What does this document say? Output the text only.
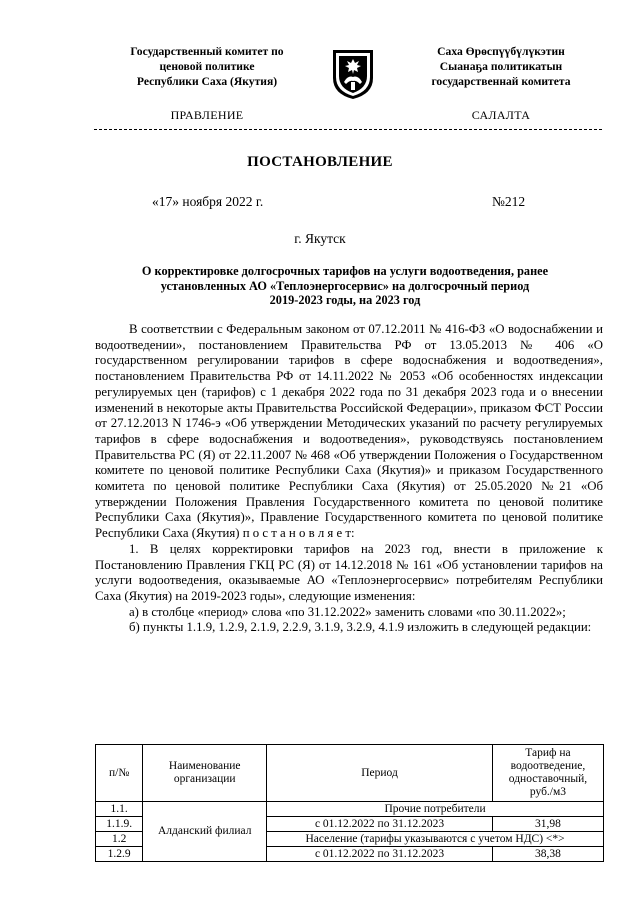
Государственный комитет по
ценовой политике
Республики Саха (Якутия)
Саха Өрөспүүбүлүкэтин
Сыанаҕа политикатын
государственнай комитета
ПРАВЛЕНИЕ	САЛАЛТА
ПОСТАНОВЛЕНИЕ
«17» ноября 2022 г.	№212
г. Якутск
О корректировке долгосрочных тарифов на услуги водоотведения, ранее
установленных АО «Теплоэнергосервис» на долгосрочный период
2019-2023 годы, на 2023 год

В соответствии с Федеральным законом от 07.12.2011 № 416-ФЗ «О водоснабжении и водоотведении», постановлением Правительства РФ от 13.05.2013 № 406 «О государственном регулировании тарифов в сфере водоснабжения и водоотведения», постановлением Правительства РФ от 14.11.2022 № 2053 «Об особенностях индексации регулируемых цен (тарифов) с 1 декабря 2022 года по 31 декабря 2023 года и о внесении изменений в некоторые акты Правительства Российской Федерации», приказом ФСТ России от 27.12.2013 N 1746-э «Об утверждении Методических указаний по расчету регулируемых тарифов в сфере водоснабжения и водоотведения», руководствуясь постановлением Правительства РС (Я) от 22.11.2007 № 468 «Об утверждении Положения о Государственном комитете по ценовой политике Республики Саха (Якутия)» и приказом Государственного комитета по ценовой политике Республики Саха (Якутия) от 25.05.2020 №21 «Об утверждении Положения Правления Государственного комитета по ценовой политике Республики Саха (Якутия)», Правление Государственного комитета по ценовой политике Республики Саха (Якутия) п о с т а н о в л я е т:

1. В целях корректировки тарифов на 2023 год, внести в приложение к Постановлению Правления ГКЦ РС (Я) от 14.12.2018 № 161 «Об установлении тарифов на услуги водоотведения, оказываемые АО «Теплоэнергосервис» потребителям Республики Саха (Якутия) на 2019-2023 годы», следующие изменения:

а) в столбце «период» слова «по 31.12.2022» заменить словами «по 30.11.2022»;

б) пункты 1.1.9, 1.2.9, 2.1.9, 2.2.9, 3.1.9, 3.2.9, 4.1.9 изложить в следующей редакции:

п/№	Наименование организации	Период	Тариф на водоотведение, одноставочный, руб./м3
1.1.	Алданский филиал	Прочие потребители	
1.1.9.		с 01.12.2022 по 31.12.2023	31,98
1.2		Население (тарифы указываются с учетом НДС) <*>	
1.2.9		с 01.12.2022 по 31.12.2023	38,38
